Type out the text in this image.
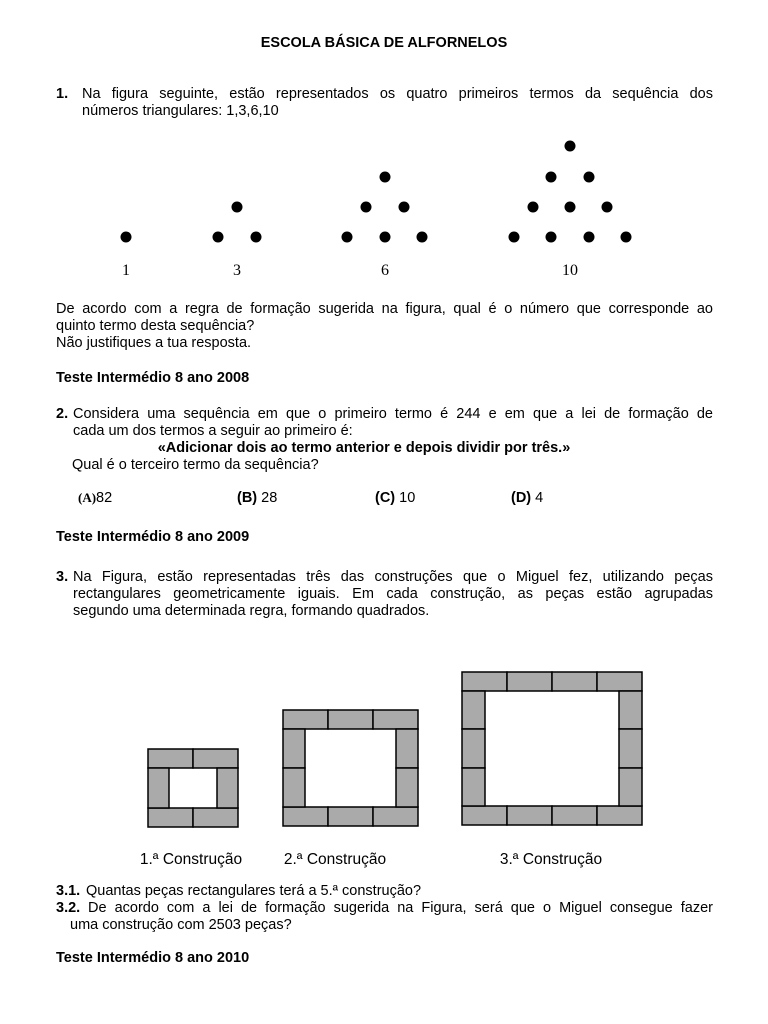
ESCOLA BÁSICA DE ALFORNELOS
1. Na figura seguinte, estão representados os quatro primeiros termos da sequência dos
números triangulares: 1,3,6,10
1	3	6	10
De acordo com a regra de formação sugerida na figura, qual é o número que corresponde ao
quinto termo desta sequência?
Não justifiques a tua resposta.
Teste Intermédio 8 ano 2008
2. Considera uma sequência em que o primeiro termo é 244 e em que a lei de formação de
cada um dos termos a seguir ao primeiro é:
«Adicionar dois ao termo anterior e depois dividir por três.»
Qual é o terceiro termo da sequência?
(A)82	(B) 28	(C) 10	(D) 4
Teste Intermédio 8 ano 2009
3. Na Figura, estão representadas três das construções que o Miguel fez, utilizando peças
rectangulares geometricamente iguais. Em cada construção, as peças estão agrupadas
segundo uma determinada regra, formando quadrados.
1.ª Construção	2.ª Construção	3.ª Construção
3.1. Quantas peças rectangulares terá a 5.ª construção?
3.2. De acordo com a lei de formação sugerida na Figura, será que o Miguel consegue fazer
uma construção com 2503 peças?
Teste Intermédio 8 ano 2010
